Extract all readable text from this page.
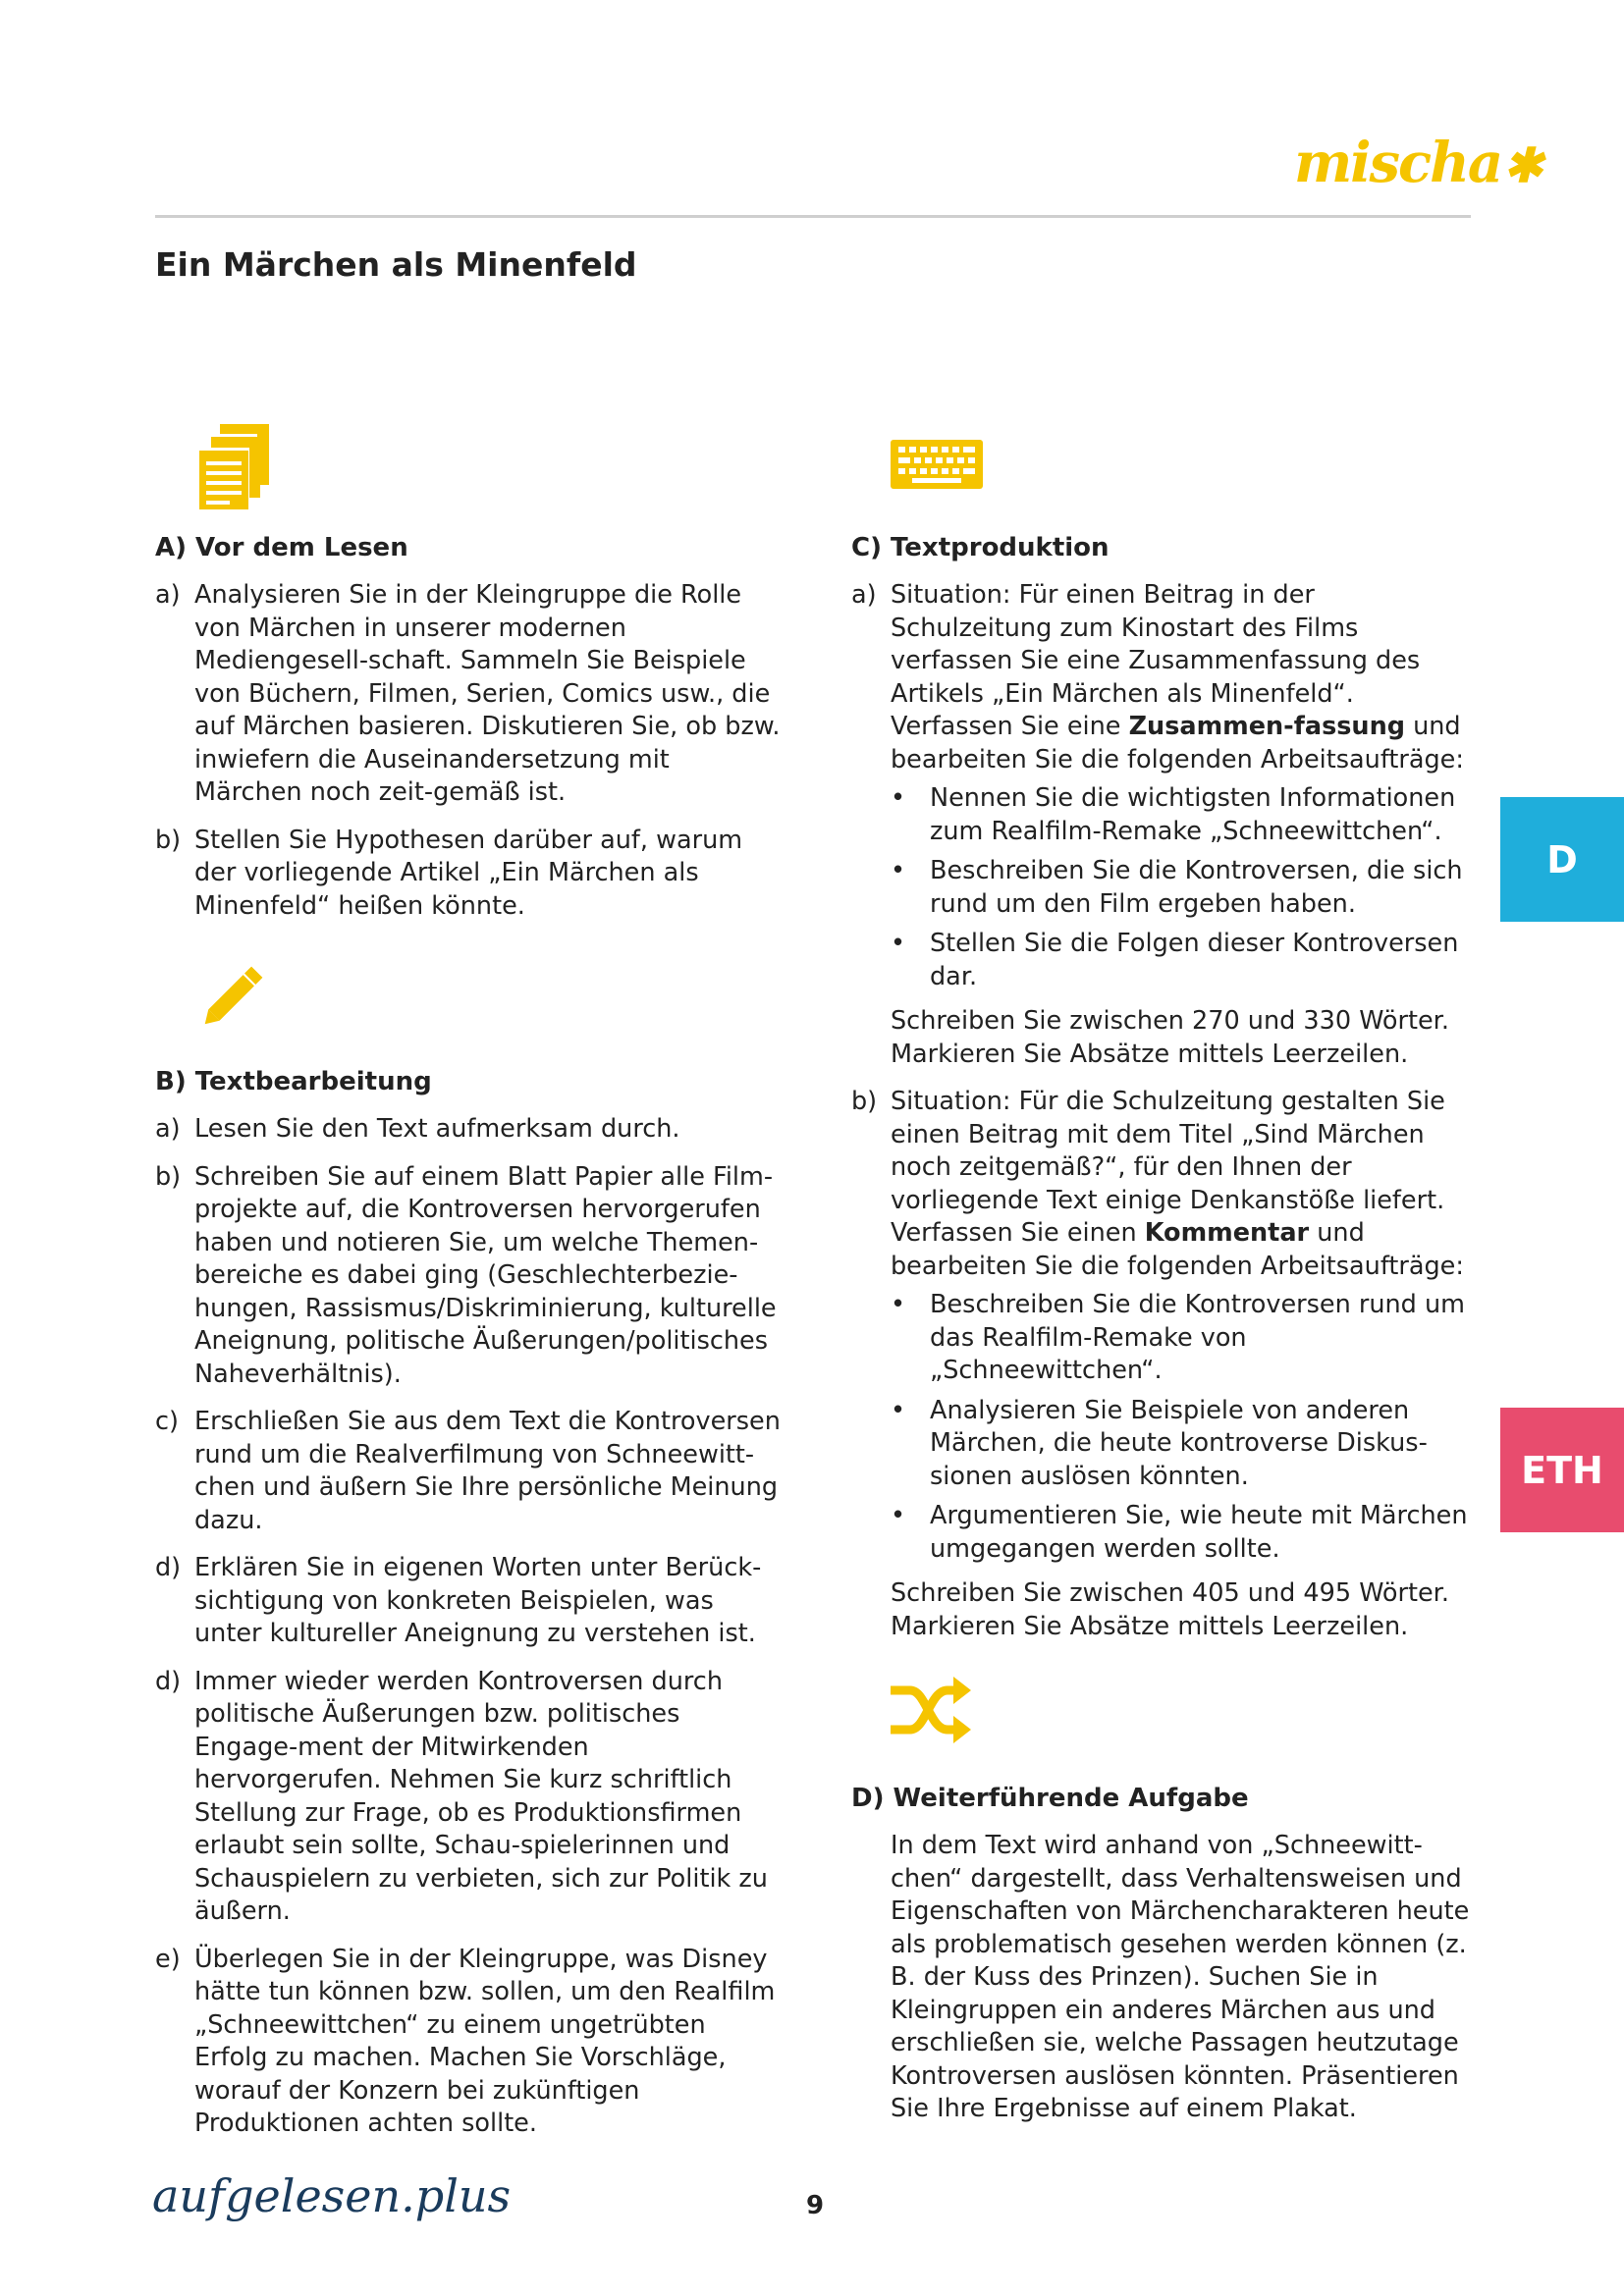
mischa✱
Ein Märchen als Minenfeld
A) Vor dem Lesen
a) Analysieren Sie in der Kleingruppe die Rolle von Märchen in unserer modernen Mediengesell-schaft. Sammeln Sie Beispiele von Büchern, Filmen, Serien, Comics usw., die auf Märchen basieren. Diskutieren Sie, ob bzw. inwiefern die Auseinandersetzung mit Märchen noch zeit-gemäß ist.
b) Stellen Sie Hypothesen darüber auf, warum der vorliegende Artikel „Ein Märchen als Minenfeld“ heißen könnte.
B) Textbearbeitung
a) Lesen Sie den Text aufmerksam durch.
b) Schreiben Sie auf einem Blatt Papier alle Film-projekte auf, die Kontroversen hervorgerufen haben und notieren Sie, um welche Themen-bereiche es dabei ging (Geschlechterbezie-hungen, Rassismus/Diskriminierung, kulturelle Aneignung, politische Äußerungen/politisches Naheverhältnis).
c) Erschließen Sie aus dem Text die Kontroversen rund um die Realverfilmung von Schneewitt-chen und äußern Sie Ihre persönliche Meinung dazu.
d) Erklären Sie in eigenen Worten unter Berück-sichtigung von konkreten Beispielen, was unter kultureller Aneignung zu verstehen ist.
d) Immer wieder werden Kontroversen durch politische Äußerungen bzw. politisches Engage-ment der Mitwirkenden hervorgerufen. Nehmen Sie kurz schriftlich Stellung zur Frage, ob es Produktionsfirmen erlaubt sein sollte, Schau-spielerinnen und Schauspielern zu verbieten, sich zur Politik zu äußern.
e) Überlegen Sie in der Kleingruppe, was Disney hätte tun können bzw. sollen, um den Realfilm „Schneewittchen“ zu einem ungetrübten Erfolg zu machen. Machen Sie Vorschläge, worauf der Konzern bei zukünftigen Produktionen achten sollte.
C) Textproduktion
a) Situation: Für einen Beitrag in der Schulzeitung zum Kinostart des Films verfassen Sie eine Zusammenfassung des Artikels „Ein Märchen als Minenfeld“. Verfassen Sie eine Zusammen-fassung und bearbeiten Sie die folgenden Arbeitsaufträge:
• Nennen Sie die wichtigsten Informationen zum Realfilm-Remake „Schneewittchen“.
• Beschreiben Sie die Kontroversen, die sich rund um den Film ergeben haben.
• Stellen Sie die Folgen dieser Kontroversen dar.
Schreiben Sie zwischen 270 und 330 Wörter. Markieren Sie Absätze mittels Leerzeilen.
b) Situation: Für die Schulzeitung gestalten Sie einen Beitrag mit dem Titel „Sind Märchen noch zeitgemäß?“, für den Ihnen der vorliegende Text einige Denkanstöße liefert. Verfassen Sie einen Kommentar und bearbeiten Sie die folgenden Arbeitsaufträge:
• Beschreiben Sie die Kontroversen rund um das Realfilm-Remake von „Schneewittchen“.
• Analysieren Sie Beispiele von anderen Märchen, die heute kontroverse Diskus-sionen auslösen könnten.
• Argumentieren Sie, wie heute mit Märchen umgegangen werden sollte.
Schreiben Sie zwischen 405 und 495 Wörter. Markieren Sie Absätze mittels Leerzeilen.
D) Weiterführende Aufgabe
In dem Text wird anhand von „Schneewitt-chen“ dargestellt, dass Verhaltensweisen und Eigenschaften von Märchencharakteren heute als problematisch gesehen werden können (z. B. der Kuss des Prinzen). Suchen Sie in Kleingruppen ein anderes Märchen aus und erschließen sie, welche Passagen heutzutage Kontroversen auslösen könnten. Präsentieren Sie Ihre Ergebnisse auf einem Plakat.
D
ETH
aufgelesen.plus	9
